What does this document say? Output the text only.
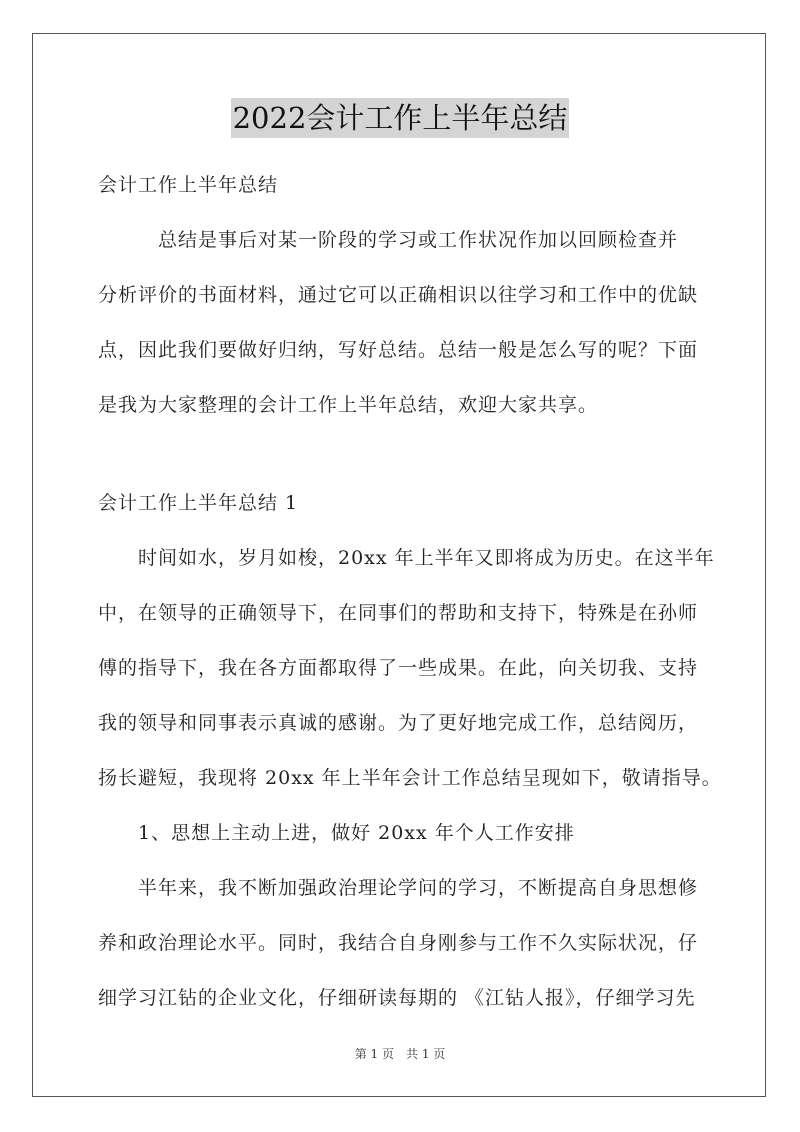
2022会计工作上半年总结
会计工作上半年总结
　　　总结是事后对某一阶段的学习或工作状况作加以回顾检查并
分析评价的书面材料，通过它可以正确相识以往学习和工作中的优缺
点，因此我们要做好归纳，写好总结。总结一般是怎么写的呢？下面
是我为大家整理的会计工作上半年总结，欢迎大家共享。
会计工作上半年总结 1
　　时间如水，岁月如梭，20xx 年上半年又即将成为历史。在这半年
中，在领导的正确领导下，在同事们的帮助和支持下，特殊是在孙师
傅的指导下，我在各方面都取得了一些成果。在此，向关切我、支持
我的领导和同事表示真诚的感谢。为了更好地完成工作，总结阅历，
扬长避短，我现将 20xx 年上半年会计工作总结呈现如下，敬请指导。
　　1、思想上主动上进，做好 20xx 年个人工作安排
　　半年来，我不断加强政治理论学问的学习，不断提高自身思想修
养和政治理论水平。同时，我结合自身刚参与工作不久实际状况，仔
细学习江钻的企业文化，仔细研读每期的 《江钻人报》，仔细学习先
第 1 页　共 1 页
